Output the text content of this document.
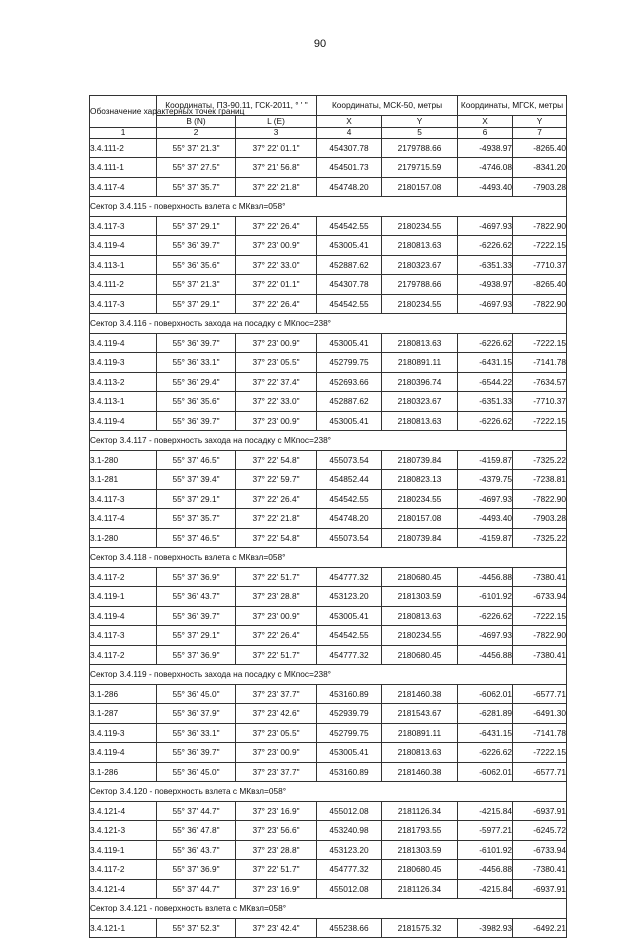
90
Обозначение характерных точек границ	Координаты, ПЗ-90.11, ГСК-2011, ° ' "		Координаты, МСК-50, метры		Координаты, МГСК, метры	
	B (N)	L (E)	X	Y	X	Y
1	2	3	4	5	6	7
3.4.111-2	55° 37' 21.3"	37° 22' 01.1"	454307.78	2179788.66	-4938.97	-8265.40
3.4.111-1	55° 37' 27.5"	37° 21' 56.8"	454501.73	2179715.59	-4746.08	-8341.20
3.4.117-4	55° 37' 35.7"	37° 22' 21.8"	454748.20	2180157.08	-4493.40	-7903.28
Сектор 3.4.115 - поверхность взлета с МКвзл=058°						
3.4.117-3	55° 37' 29.1"	37° 22' 26.4"	454542.55	2180234.55	-4697.93	-7822.90
3.4.119-4	55° 36' 39.7"	37° 23' 00.9"	453005.41	2180813.63	-6226.62	-7222.15
3.4.113-1	55° 36' 35.6"	37° 22' 33.0"	452887.62	2180323.67	-6351.33	-7710.37
3.4.111-2	55° 37' 21.3"	37° 22' 01.1"	454307.78	2179788.66	-4938.97	-8265.40
3.4.117-3	55° 37' 29.1"	37° 22' 26.4"	454542.55	2180234.55	-4697.93	-7822.90
Сектор 3.4.116 - поверхность захода на посадку с МКпос=238°						
3.4.119-4	55° 36' 39.7"	37° 23' 00.9"	453005.41	2180813.63	-6226.62	-7222.15
3.4.119-3	55° 36' 33.1"	37° 23' 05.5"	452799.75	2180891.11	-6431.15	-7141.78
3.4.113-2	55° 36' 29.4"	37° 22' 37.4"	452693.66	2180396.74	-6544.22	-7634.57
3.4.113-1	55° 36' 35.6"	37° 22' 33.0"	452887.62	2180323.67	-6351.33	-7710.37
3.4.119-4	55° 36' 39.7"	37° 23' 00.9"	453005.41	2180813.63	-6226.62	-7222.15
Сектор 3.4.117 - поверхность захода на посадку с МКпос=238°						
3.1-280	55° 37' 46.5"	37° 22' 54.8"	455073.54	2180739.84	-4159.87	-7325.22
3.1-281	55° 37' 39.4"	37° 22' 59.7"	454852.44	2180823.13	-4379.75	-7238.81
3.4.117-3	55° 37' 29.1"	37° 22' 26.4"	454542.55	2180234.55	-4697.93	-7822.90
3.4.117-4	55° 37' 35.7"	37° 22' 21.8"	454748.20	2180157.08	-4493.40	-7903.28
3.1-280	55° 37' 46.5"	37° 22' 54.8"	455073.54	2180739.84	-4159.87	-7325.22
Сектор 3.4.118 - поверхность взлета с МКвзл=058°						
3.4.117-2	55° 37' 36.9"	37° 22' 51.7"	454777.32	2180680.45	-4456.88	-7380.41
3.4.119-1	55° 36' 43.7"	37° 23' 28.8"	453123.20	2181303.59	-6101.92	-6733.94
3.4.119-4	55° 36' 39.7"	37° 23' 00.9"	453005.41	2180813.63	-6226.62	-7222.15
3.4.117-3	55° 37' 29.1"	37° 22' 26.4"	454542.55	2180234.55	-4697.93	-7822.90
3.4.117-2	55° 37' 36.9"	37° 22' 51.7"	454777.32	2180680.45	-4456.88	-7380.41
Сектор 3.4.119 - поверхность захода на посадку с МКпос=238°						
3.1-286	55° 36' 45.0"	37° 23' 37.7"	453160.89	2181460.38	-6062.01	-6577.71
3.1-287	55° 36' 37.9"	37° 23' 42.6"	452939.79	2181543.67	-6281.89	-6491.30
3.4.119-3	55° 36' 33.1"	37° 23' 05.5"	452799.75	2180891.11	-6431.15	-7141.78
3.4.119-4	55° 36' 39.7"	37° 23' 00.9"	453005.41	2180813.63	-6226.62	-7222.15
3.1-286	55° 36' 45.0"	37° 23' 37.7"	453160.89	2181460.38	-6062.01	-6577.71
Сектор 3.4.120 - поверхность взлета с МКвзл=058°						
3.4.121-4	55° 37' 44.7"	37° 23' 16.9"	455012.08	2181126.34	-4215.84	-6937.91
3.4.121-3	55° 36' 47.8"	37° 23' 56.6"	453240.98	2181793.55	-5977.21	-6245.72
3.4.119-1	55° 36' 43.7"	37° 23' 28.8"	453123.20	2181303.59	-6101.92	-6733.94
3.4.117-2	55° 37' 36.9"	37° 22' 51.7"	454777.32	2180680.45	-4456.88	-7380.41
3.4.121-4	55° 37' 44.7"	37° 23' 16.9"	455012.08	2181126.34	-4215.84	-6937.91
Сектор 3.4.121 - поверхность взлета с МКвзл=058°						
3.4.121-1	55° 37' 52.3"	37° 23' 42.4"	455238.66	2181575.32	-3982.93	-6492.21
